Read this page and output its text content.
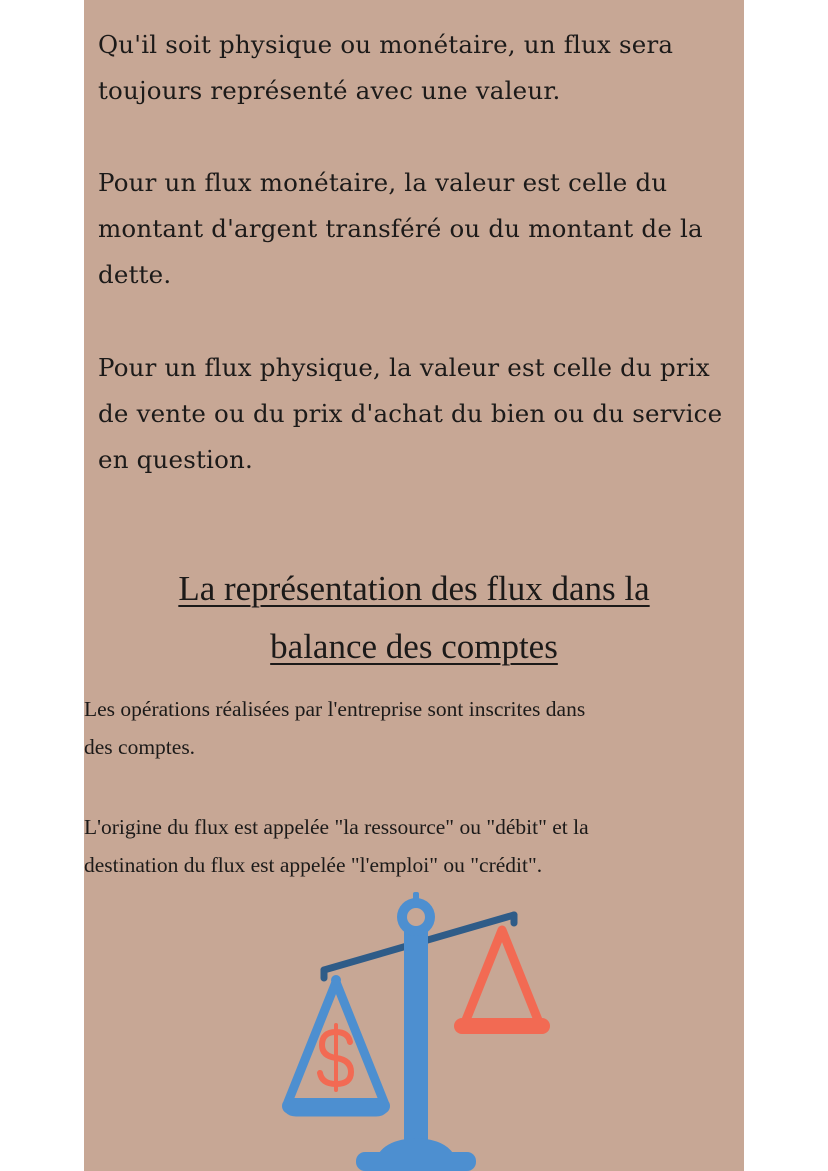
Qu'il soit physique ou monétaire, un flux sera toujours représenté avec une valeur.

Pour un flux monétaire, la valeur est celle du montant d'argent transféré ou du montant de la dette.

Pour un flux physique, la valeur est celle du prix de vente ou du prix d'achat du bien ou du service en question.

La représentation des flux dans la
balance des comptes

Les opérations réalisées par l'entreprise sont inscrites dans
des comptes.

L'origine du flux est appelée "la ressource" ou "débit" et la
destination du flux est appelée "l'emploi" ou "crédit".
